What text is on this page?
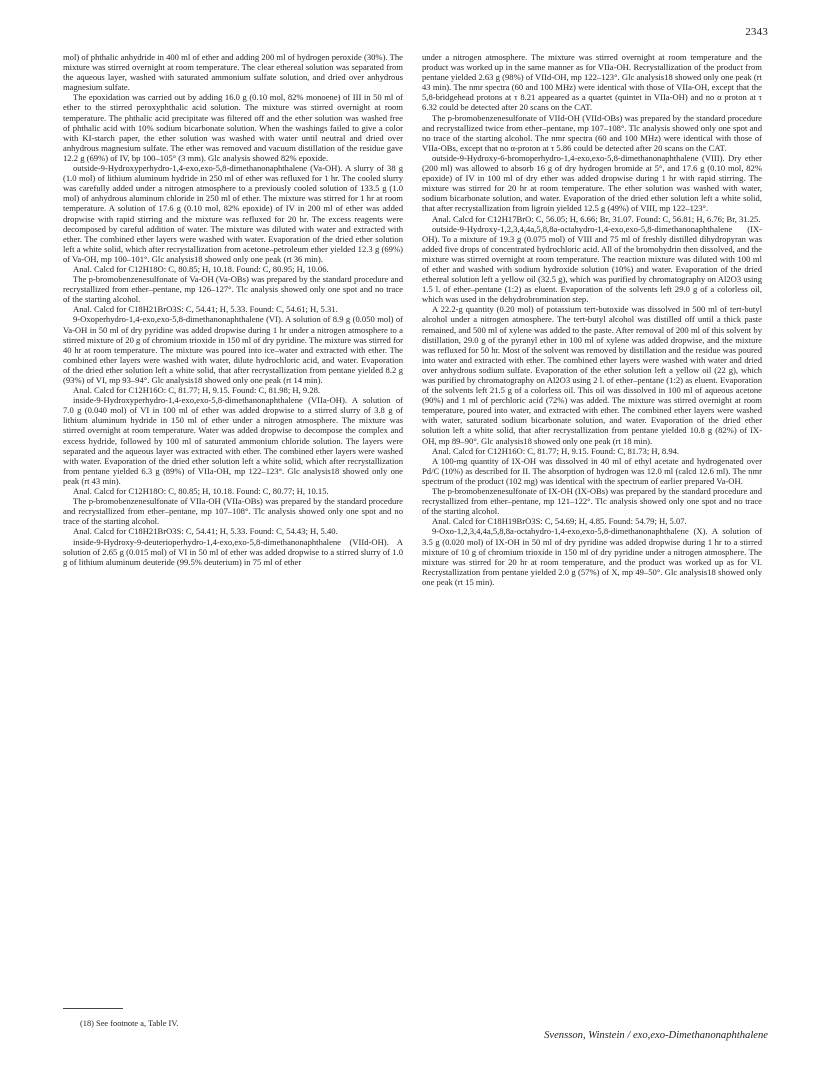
2343

mol) of phthalic anhydride in 400 ml of ether and adding 200 ml of hydrogen peroxide (30%). The mixture was stirred overnight at room temperature. The clear ethereal solution was separated from the aqueous layer, washed with saturated ammonium sulfate solution, and dried over anhydrous magnesium sulfate.

The epoxidation was carried out by adding 16.0 g (0.10 mol, 82% monoene) of III in 50 ml of ether to the stirred peroxyphthalic acid solution. The mixture was stirred overnight at room temperature. The phthalic acid precipitate was filtered off and the ether solution was washed free of phthalic acid with 10% sodium bicarbonate solution. When the washings failed to give a color with KI-starch paper, the ether solution was washed with water until neutral and dried over anhydrous magnesium sulfate. The ether was removed and vacuum distillation of the residue gave 12.2 g (69%) of IV, bp 100–105° (3 mm). Glc analysis showed 82% epoxide.

outside-9-Hydroxyperhydro-1,4-exo,exo-5,8-dimethanonaphthalene (Va-OH). A slurry of 38 g (1.0 mol) of lithium aluminum hydride in 250 ml of ether was refluxed for 1 hr. The cooled slurry was carefully added under a nitrogen atmosphere to a previously cooled solution of 133.5 g (1.0 mol) of anhydrous aluminum chloride in 250 ml of ether. The mixture was stirred for 1 hr at room temperature. A solution of 17.6 g (0.10 mol, 82% epoxide) of IV in 200 ml of ether was added dropwise with rapid stirring and the mixture was refluxed for 20 hr. The excess reagents were decomposed by careful addition of water. The mixture was diluted with water and extracted with ether. The combined ether layers were washed with water. Evaporation of the dried ether solution left a white solid, which after recrystallization from acetone–petroleum ether yielded 12.3 g (69%) of Va-OH, mp 100–101°. Glc analysis18 showed only one peak (rt 36 min).

Anal. Calcd for C12H18O: C, 80.85; H, 10.18. Found: C, 80.95; H, 10.06.

The p-bromobenzenesulfonate of Va-OH (Va-OBs) was prepared by the standard procedure and recrystallized from ether–pentane, mp 126–127°. Tlc analysis showed only one spot and no trace of the starting alcohol.

Anal. Calcd for C18H21BrO3S: C, 54.41; H, 5.33. Found: C, 54.61; H, 5.31.

9-Oxoperhydro-1,4-exo,exo-5,8-dimethanonaphthalene (VI). A solution of 8.9 g (0.050 mol) of Va-OH in 50 ml of dry pyridine was added dropwise during 1 hr under a nitrogen atmosphere to a stirred mixture of 20 g of chromium trioxide in 150 ml of dry pyridine. The mixture was stirred for 40 hr at room temperature. The mixture was poured into ice–water and extracted with ether. The combined ether layers were washed with water, dilute hydrochloric acid, and water. Evaporation of the dried ether solution left a white solid, that after recrystallization from pentane yielded 8.2 g (93%) of VI, mp 93–94°. Glc analysis18 showed only one peak (rt 14 min).

Anal. Calcd for C12H16O: C, 81.77; H, 9.15. Found: C, 81.98; H, 9.28.

inside-9-Hydroxyperhydro-1,4-exo,exo-5,8-dimethanonaphthalene (VIIa-OH). A solution of 7.0 g (0.040 mol) of VI in 100 ml of ether was added dropwise to a stirred slurry of 3.8 g of lithium aluminum hydride in 150 ml of ether under a nitrogen atmosphere. The mixture was stirred overnight at room temperature. Water was added dropwise to decompose the complex and excess hydride, followed by 100 ml of saturated ammonium chloride solution. The layers were separated and the aqueous layer was extracted with ether. The combined ether layers were washed with water. Evaporation of the dried ether solution left a white solid, which after recrystallization from pentane yielded 6.3 g (89%) of VIIa-OH, mp 122–123°. Glc analysis18 showed only one peak (rt 43 min).

Anal. Calcd for C12H18O: C, 80.85; H, 10.18. Found: C, 80.77; H, 10.15.

The p-bromobenzenesulfonate of VIIa-OH (VIIa-OBs) was prepared by the standard procedure and recrystallized from ether–pentane, mp 107–108°. Tlc analysis showed only one spot and no trace of the starting alcohol.

Anal. Calcd for C18H21BrO3S: C, 54.41; H, 5.33. Found: C, 54.43; H, 5.40.

inside-9-Hydroxy-9-deuterioperhydro-1,4-exo,exo-5,8-dimethanonaphthalene (VIId-OH). A solution of 2.65 g (0.015 mol) of VI in 50 ml of ether was added dropwise to a stirred slurry of 1.0 g of lithium aluminum deuteride (99.5% deuterium) in 75 ml of ether

under a nitrogen atmosphere. The mixture was stirred overnight at room temperature and the product was worked up in the same manner as for VIIa-OH. Recrystallization of the product from pentane yielded 2.63 g (98%) of VIId-OH, mp 122–123°. Glc analysis18 showed only one peak (rt 43 min). The nmr spectra (60 and 100 MHz) were identical with those of VIIa-OH, except that the 5,8-bridgehead protons at τ 8.21 appeared as a quartet (quintet in VIIa-OH) and no α proton at τ 6.32 could be detected after 20 scans on the CAT.

The p-bromobenzenesulfonate of VIId-OH (VIId-OBs) was prepared by the standard procedure and recrystallized twice from ether–pentane, mp 107–108°. Tlc analysis showed only one spot and no trace of the starting alcohol. The nmr spectra (60 and 100 MHz) were identical with those of VIIa-OBs, except that no α-proton at τ 5.86 could be detected after 20 scans on the CAT.

outside-9-Hydroxy-6-bromoperhydro-1,4-exo,exo-5,8-dimethanonaphthalene (VIII). Dry ether (200 ml) was allowed to absorb 16 g of dry hydrogen bromide at 5°, and 17.6 g (0.10 mol, 82% epoxide) of IV in 100 ml of dry ether was added dropwise during 1 hr with rapid stirring. The mixture was stirred for 20 hr at room temperature. The ether solution was washed with water, sodium bicarbonate solution, and water. Evaporation of the dried ether solution left a white solid, that after recrystallization from ligroin yielded 12.5 g (49%) of VIII, mp 122–123°.

Anal. Calcd for C12H17BrO: C, 56.05; H, 6.66; Br, 31.07. Found: C, 56.81; H, 6.76; Br, 31.25.

outside-9-Hydroxy-1,2,3,4,4a,5,8,8a-octahydro-1,4-exo,exo-5,8-dimethanonaphthalene (IX-OH). To a mixture of 19.3 g (0.075 mol) of VIII and 75 ml of freshly distilled dihydropyran was added five drops of concentrated hydrochloric acid. All of the bromohydrin then dissolved, and the mixture was stirred overnight at room temperature. The reaction mixture was diluted with 100 ml of ether and washed with sodium hydroxide solution (10%) and water. Evaporation of the dried ethereal solution left a yellow oil (32.5 g), which was purified by chromatography on Al2O3 using 1.5 l. of ether–pentane (1:2) as eluent. Evaporation of the solvents left 29.0 g of a colorless oil, which was used in the dehydrobromination step.

A 22.2-g quantity (0.20 mol) of potassium tert-butoxide was dissolved in 500 ml of tert-butyl alcohol under a nitrogen atmosphere. The tert-butyl alcohol was distilled off until a thick paste remained, and 500 ml of xylene was added to the paste. After removal of 200 ml of this solvent by distillation, 29.0 g of the pyranyl ether in 100 ml of xylene was added dropwise, and the mixture was refluxed for 50 hr. Most of the solvent was removed by distillation and the residue was poured into water and extracted with ether. The combined ether layers were washed with water and dried over anhydrous sodium sulfate. Evaporation of the ether solution left a yellow oil (22 g), which was purified by chromatography on Al2O3 using 2 l. of ether–pentane (1:2) as eluent. Evaporation of the solvents left 21.5 g of a colorless oil. This oil was dissolved in 100 ml of aqueous acetone (90%) and 1 ml of perchloric acid (72%) was added. The mixture was stirred overnight at room temperature, poured into water, and extracted with ether. The combined ether layers were washed with water, saturated sodium bicarbonate solution, and water. Evaporation of the dried ether solution left a white solid, that after recrystallization from pentane yielded 10.8 g (82%) of IX-OH, mp 89–90°. Glc analysis18 showed only one peak (rt 18 min).

Anal. Calcd for C12H16O: C, 81.77; H, 9.15. Found: C, 81.73; H, 8.94.

A 100-mg quantity of IX-OH was dissolved in 40 ml of ethyl acetate and hydrogenated over Pd/C (10%) as described for II. The absorption of hydrogen was 12.0 ml (calcd 12.6 ml). The nmr spectrum of the product (102 mg) was identical with the spectrum of earlier prepared Va-OH.

The p-bromobenzenesulfonate of IX-OH (IX-OBs) was prepared by the standard procedure and recrystallized from ether–pentane, mp 121–122°. Tlc analysis showed only one spot and no trace of the starting alcohol.

Anal. Calcd for C18H19BrO3S: C, 54.69; H, 4.85. Found: 54.79; H, 5.07.

9-Oxo-1,2,3,4,4a,5,8,8a-octahydro-1,4-exo,exo-5,8-dimethanonaphthalene (X). A solution of 3.5 g (0.020 mol) of IX-OH in 50 ml of dry pyridine was added dropwise during 1 hr to a stirred mixture of 10 g of chromium trioxide in 150 ml of dry pyridine under a nitrogen atmosphere. The mixture was stirred for 20 hr at room temperature, and the product was worked up as for VI. Recrystallization from pentane yielded 2.0 g (57%) of X, mp 49–50°. Glc analysis18 showed only one peak (rt 15 min).

(18) See footnote a, Table IV.
Svensson, Winstein / exo,exo-Dimethanonaphthalene
